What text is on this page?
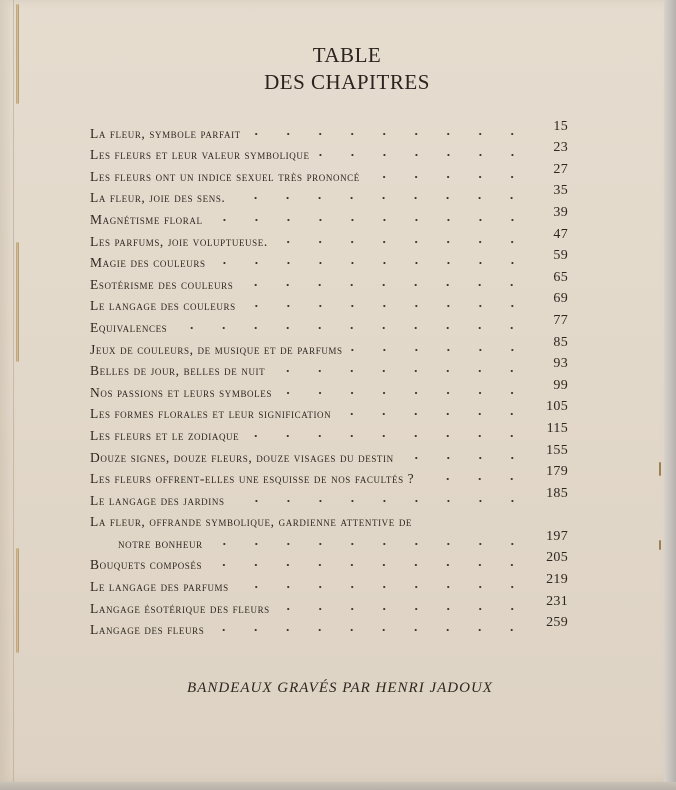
TABLE
DES CHAPITRES
La fleur, symbole parfait	15
Les fleurs et leur valeur symbolique	23
Les fleurs ont un indice sexuel très prononcé	27
La fleur, joie des sens.	35
Magnétisme floral	39
Les parfums, joie voluptueuse.	47
Magie des couleurs	59
Esotérisme des couleurs	65
Le langage des couleurs	69
Equivalences	77
Jeux de couleurs, de musique et de parfums	85
Belles de jour, belles de nuit	93
Nos passions et leurs symboles	99
Les formes florales et leur signification	105
Les fleurs et le zodiaque	115
Douze signes, douze fleurs, douze visages du destin	155
Les fleurs offrent-elles une esquisse de nos facultés ?	179
Le langage des jardins	185
La fleur, offrande symbolique, gardienne attentive de
notre bonheur	197
Bouquets composés	205
Le langage des parfums	219
Langage ésotérique des fleurs	231
Langage des fleurs	259
BANDEAUX GRAVÉS PAR HENRI JADOUX
